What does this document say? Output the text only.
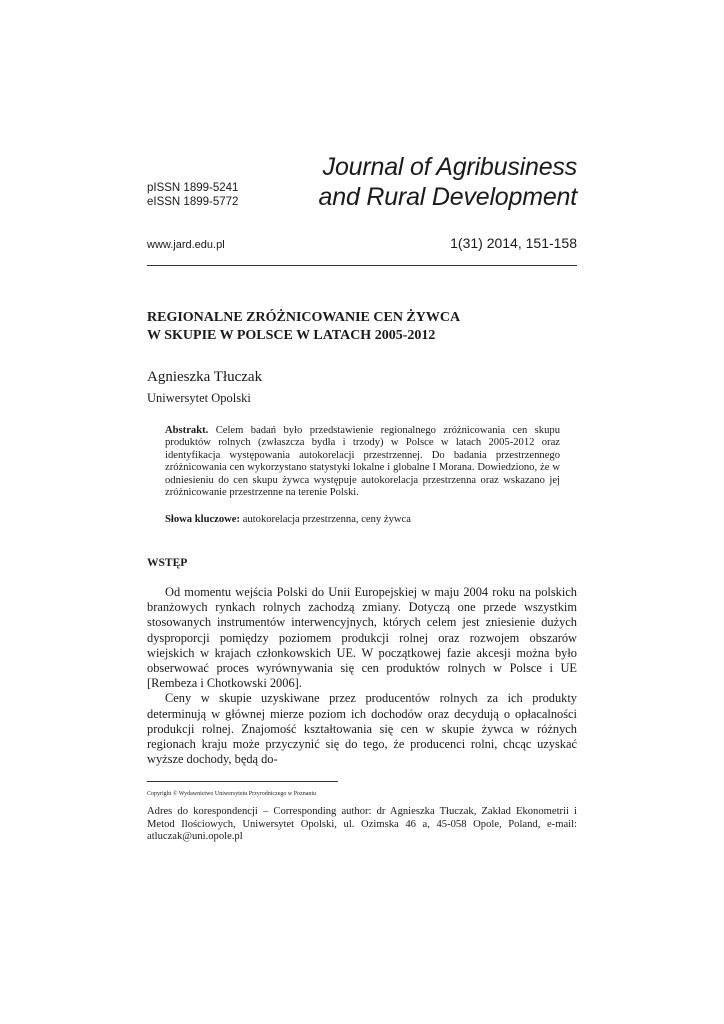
pISSN 1899-5241
eISSN 1899-5772
Journal of Agribusiness
and Rural Development
www.jard.edu.pl	1(31) 2014, 151-158
REGIONALNE ZRÓŻNICOWANIE CEN ŻYWCA
W SKUPIE W POLSCE W LATACH 2005-2012
Agnieszka Tłuczak
Uniwersytet Opolski
Abstrakt. Celem badań było przedstawienie regionalnego zróżnicowania cen skupu produktów rolnych (zwłaszcza bydła i trzody) w Polsce w latach 2005-2012 oraz identyfikacja występowania autokorelacji przestrzennej. Do badania przestrzennego zróżnicowania cen wykorzystano statystyki lokalne i globalne I Morana. Dowiedziono, że w odniesieniu do cen skupu żywca występuje autokorelacja przestrzenna oraz wskazano jej zróżnicowanie przestrzenne na terenie Polski.
Słowa kluczowe: autokorelacja przestrzenna, ceny żywca
WSTĘP

Od momentu wejścia Polski do Unii Europejskiej w maju 2004 roku na polskich branżowych rynkach rolnych zachodzą zmiany. Dotyczą one przede wszystkim stosowanych instrumentów interwencyjnych, których celem jest zniesienie dużych dysproporcji pomiędzy poziomem produkcji rolnej oraz rozwojem obszarów wiejskich w krajach członkowskich UE. W początkowej fazie akcesji można było obserwować proces wyrównywania się cen produktów rolnych w Polsce i UE [Rembeza i Chotkowski 2006].

Ceny w skupie uzyskiwane przez producentów rolnych za ich produkty determinują w głównej mierze poziom ich dochodów oraz decydują o opłacalności produkcji rolnej. Znajomość kształtowania się cen w skupie żywca w różnych regionach kraju może przyczynić się do tego, że producenci rolni, chcąc uzyskać wyższe dochody, będą do-

Copyright © Wydawnictwo Uniwersytetu Przyrodniczego w Poznaniu
Adres do korespondencji – Corresponding author: dr Agnieszka Tłuczak, Zakład Ekonometrii i Metod Ilościowych, Uniwersytet Opolski, ul. Ozimska 46 a, 45-058 Opole, Poland, e-mail: atluczak@uni.opole.pl
